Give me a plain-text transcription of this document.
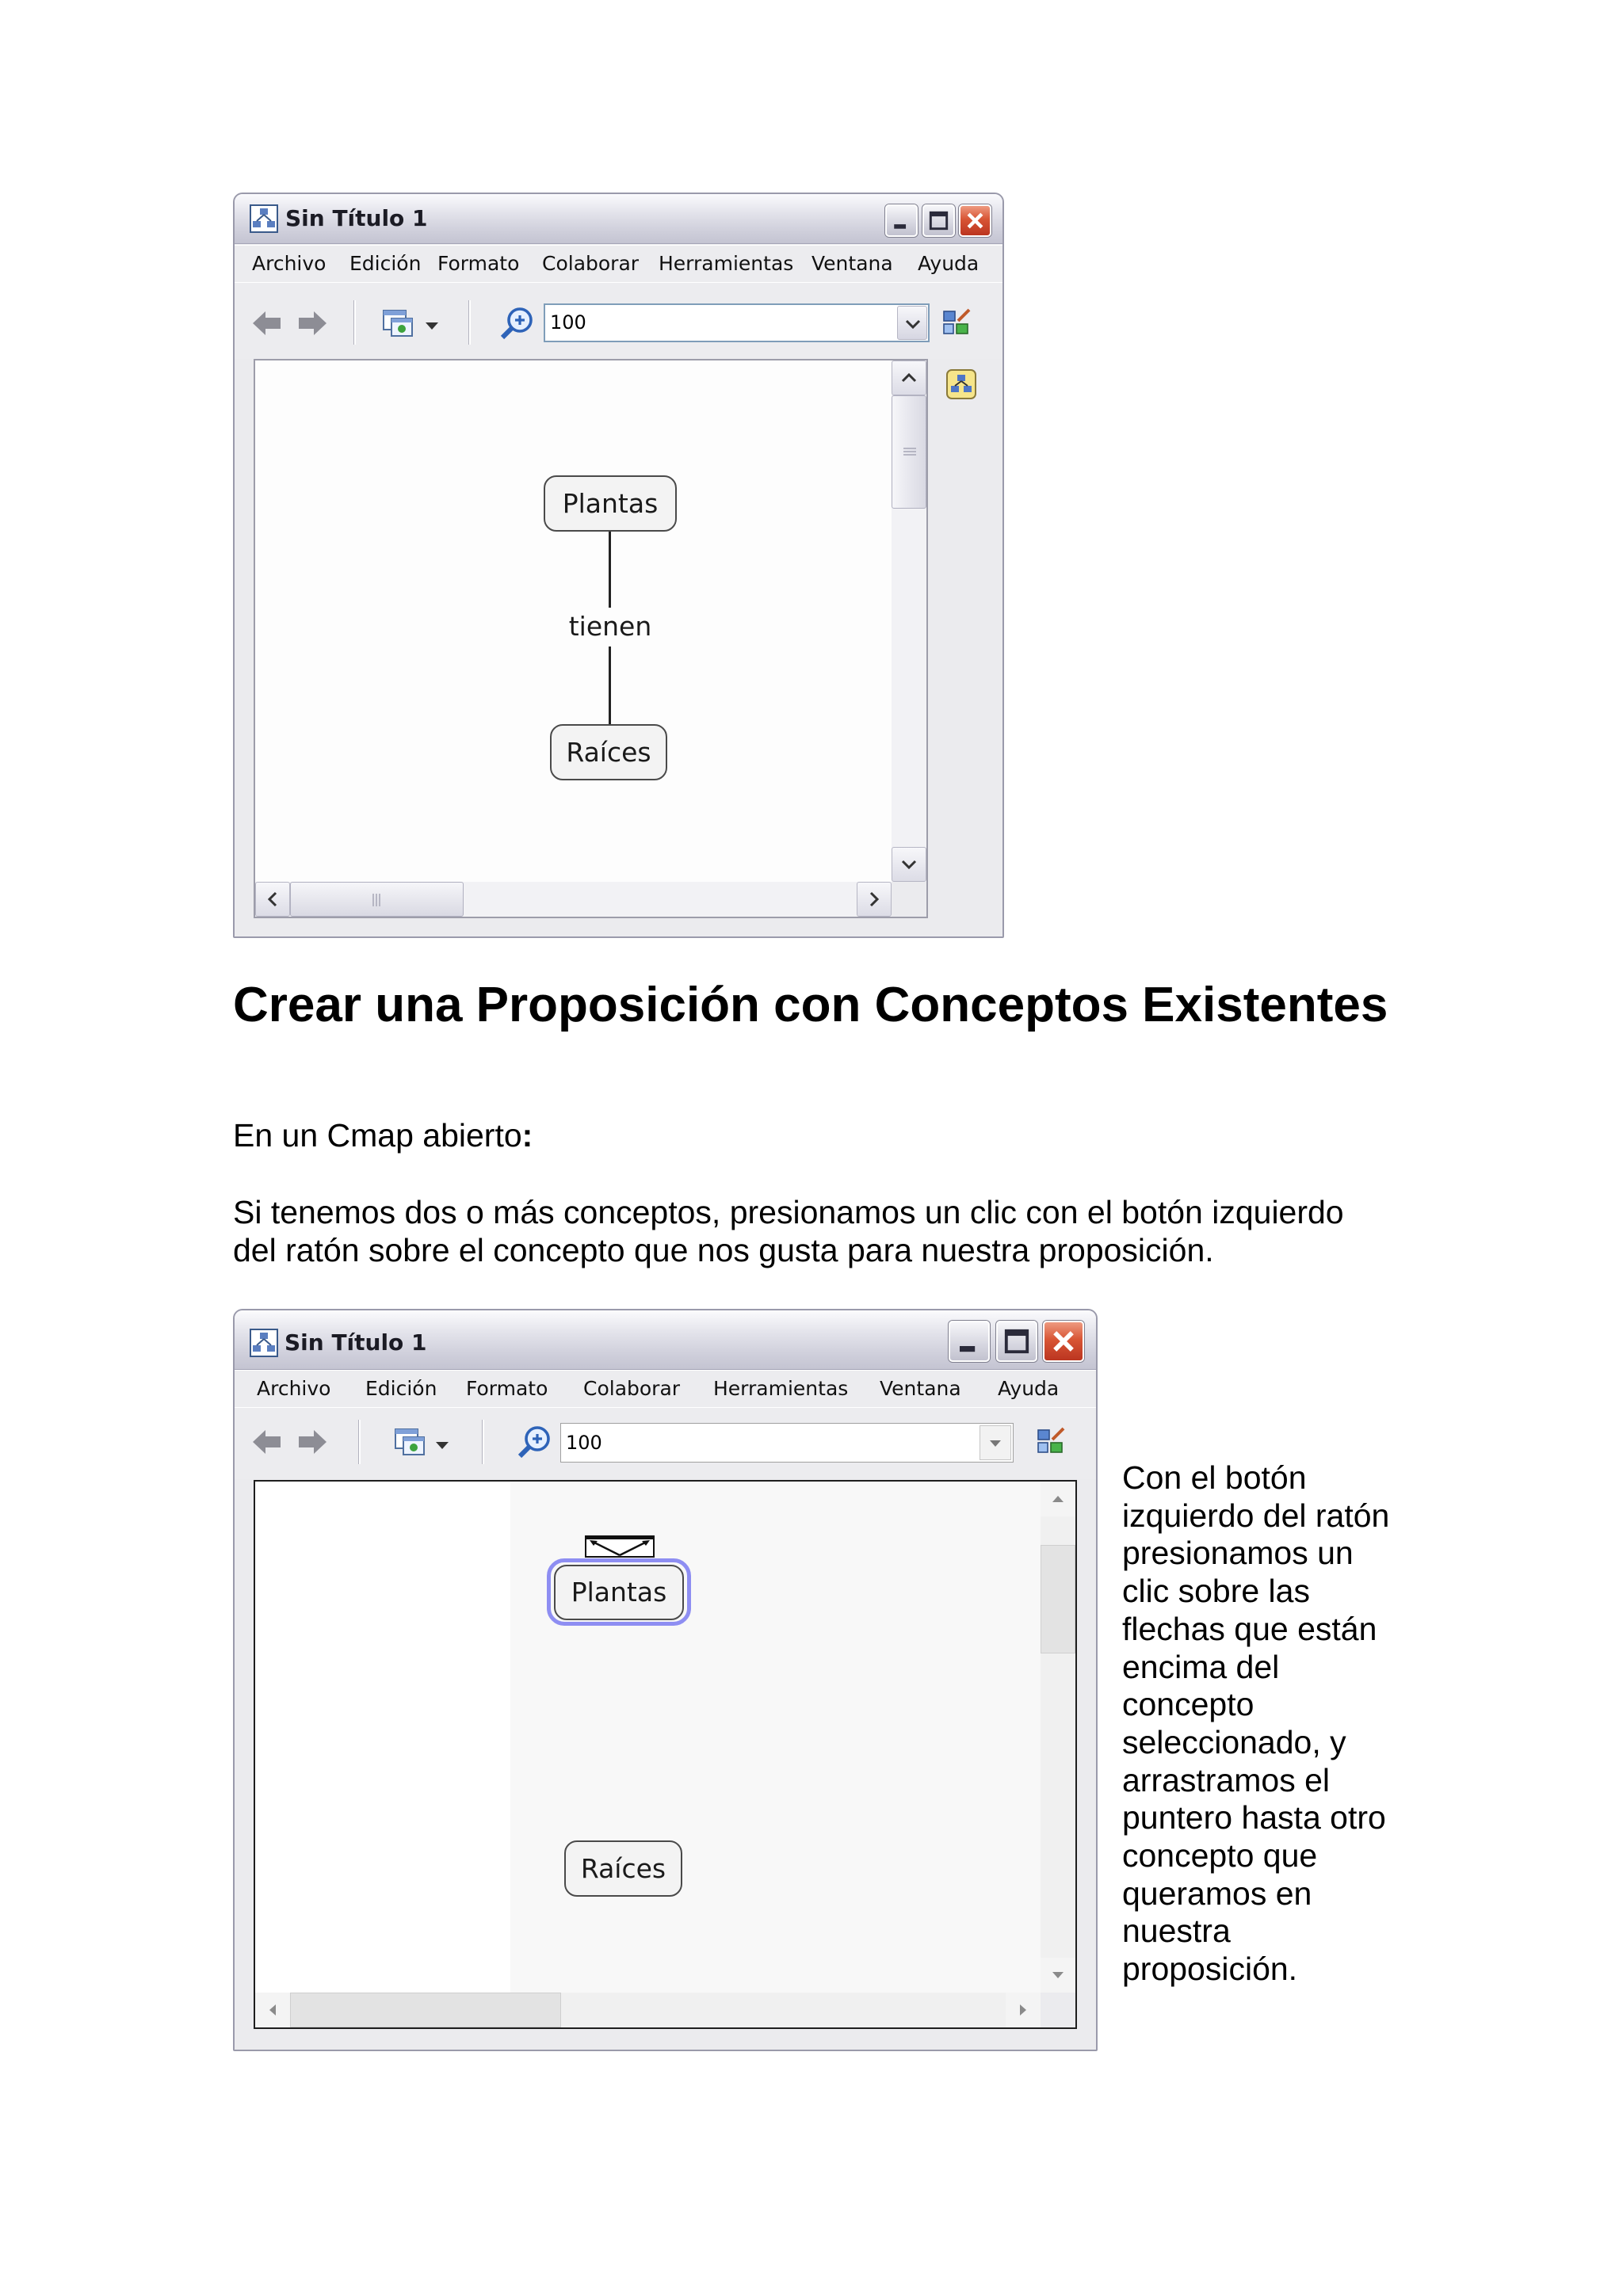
Sin Título 1
Archivo Edición Formato Colaborar Herramientas Ventana Ayuda
100
Plantas
tienen
Raíces
Crear una Proposición con Conceptos Existentes
En un Cmap abierto:
Si tenemos dos o más conceptos, presionamos un clic con el botón izquierdo
del ratón sobre el concepto que nos gusta para nuestra proposición.
Sin Título 1
Archivo Edición Formato Colaborar Herramientas Ventana Ayuda
100
Plantas
Raíces
Con el botón
izquierdo del ratón
presionamos un
clic sobre las
flechas que están
encima del
concepto
seleccionado, y
arrastramos el
puntero hasta otro
concepto que
queramos en
nuestra
proposición.
